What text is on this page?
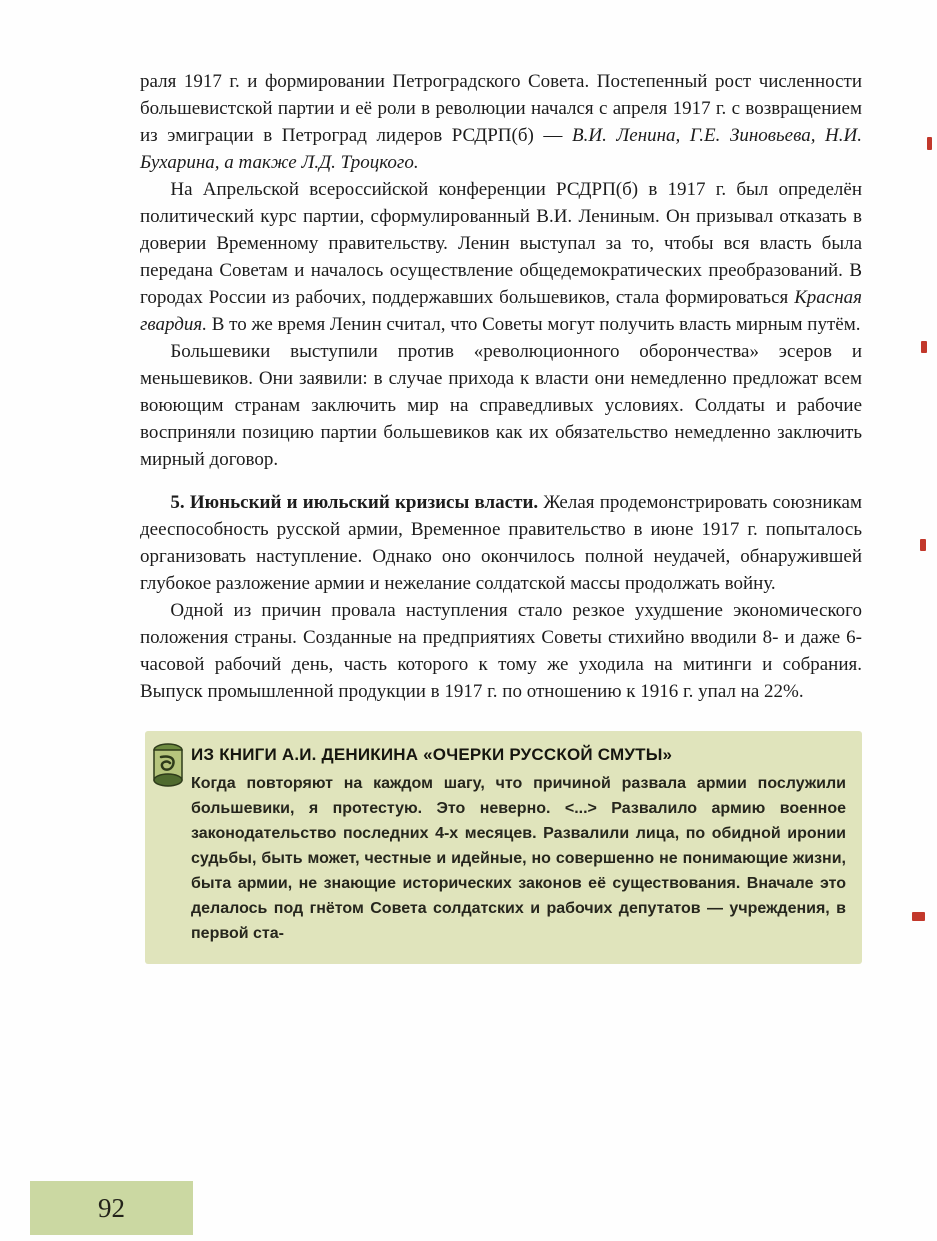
раля 1917 г. и формировании Петроградского Совета. Постепенный рост численности большевистской партии и её роли в революции начался с апреля 1917 г. с возвращением из эмиграции в Петроград лидеров РСДРП(б) — В.И. Ленина, Г.Е. Зиновьева, Н.И. Бухарина, а также Л.Д. Троцкого.

На Апрельской всероссийской конференции РСДРП(б) в 1917 г. был определён политический курс партии, сформулированный В.И. Лениным. Он призывал отказать в доверии Временному правительству. Ленин выступал за то, чтобы вся власть была передана Советам и началось осуществление общедемократических преобразований. В городах России из рабочих, поддержавших большевиков, стала формироваться Красная гвардия. В то же время Ленин считал, что Советы могут получить власть мирным путём.

Большевики выступили против «революционного оборончества» эсеров и меньшевиков. Они заявили: в случае прихода к власти они немедленно предложат всем воюющим странам заключить мир на справедливых условиях. Солдаты и рабочие восприняли позицию партии большевиков как их обязательство немедленно заключить мирный договор.

5. Июньский и июльский кризисы власти. Желая продемонстрировать союзникам дееспособность русской армии, Временное правительство в июне 1917 г. попыталось организовать наступление. Однако оно окончилось полной неудачей, обнаружившей глубокое разложение армии и нежелание солдатской массы продолжать войну.

Одной из причин провала наступления стало резкое ухудшение экономического положения страны. Созданные на предприятиях Советы стихийно вводили 8- и даже 6-часовой рабочий день, часть которого к тому же уходила на митинги и собрания. Выпуск промышленной продукции в 1917 г. по отношению к 1916 г. упал на 22%.

ИЗ КНИГИ А.И. ДЕНИКИНА «ОЧЕРКИ РУССКОЙ СМУТЫ»

Когда повторяют на каждом шагу, что причиной развала армии послужили большевики, я протестую. Это неверно. <...> Развалило армию военное законодательство последних 4-х месяцев. Развалили лица, по обидной иронии судьбы, быть может, честные и идейные, но совершенно не понимающие жизни, быта армии, не знающие исторических законов её существования. Вначале это делалось под гнётом Совета солдатских и рабочих депутатов — учреждения, в первой ста-

92
